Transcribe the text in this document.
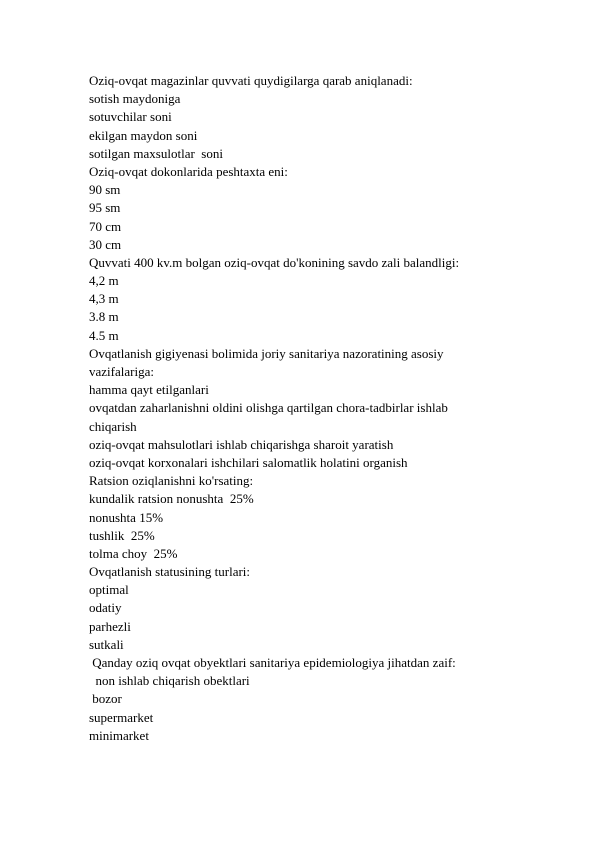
Oziq-ovqat magazinlar quvvati quydigilarga qarab aniqlanadi:
sotish maydoniga
sotuvchilar soni
ekilgan maydon soni
sotilgan maxsulotlar  soni
Oziq-ovqat dokonlarida peshtaxta eni:
90 sm
95 sm
70 cm
30 cm
Quvvati 400 kv.m bolgan oziq-ovqat do'konining savdo zali balandligi:
4,2 m
4,3 m
3.8 m
4.5 m
Ovqatlanish gigiyenasi bolimida joriy sanitariya nazoratining asosiy
vazifalariga:
hamma qayt etilganlari
ovqatdan zaharlanishni oldini olishga qartilgan chora-tadbirlar ishlab
chiqarish
oziq-ovqat mahsulotlari ishlab chiqarishga sharoit yaratish
oziq-ovqat korxonalari ishchilari salomatlik holatini organish
Ratsion oziqlanishni ko'rsating:
kundalik ratsion nonushta  25%
nonushta 15%
tushlik  25%
tolma choy  25%
Ovqatlanish statusining turlari:
optimal
odatiy
parhezli
sutkali
Qanday oziq ovqat obyektlari sanitariya epidemiologiya jihatdan zaif:
non ishlab chiqarish obektlari
bozor
supermarket
minimarket
